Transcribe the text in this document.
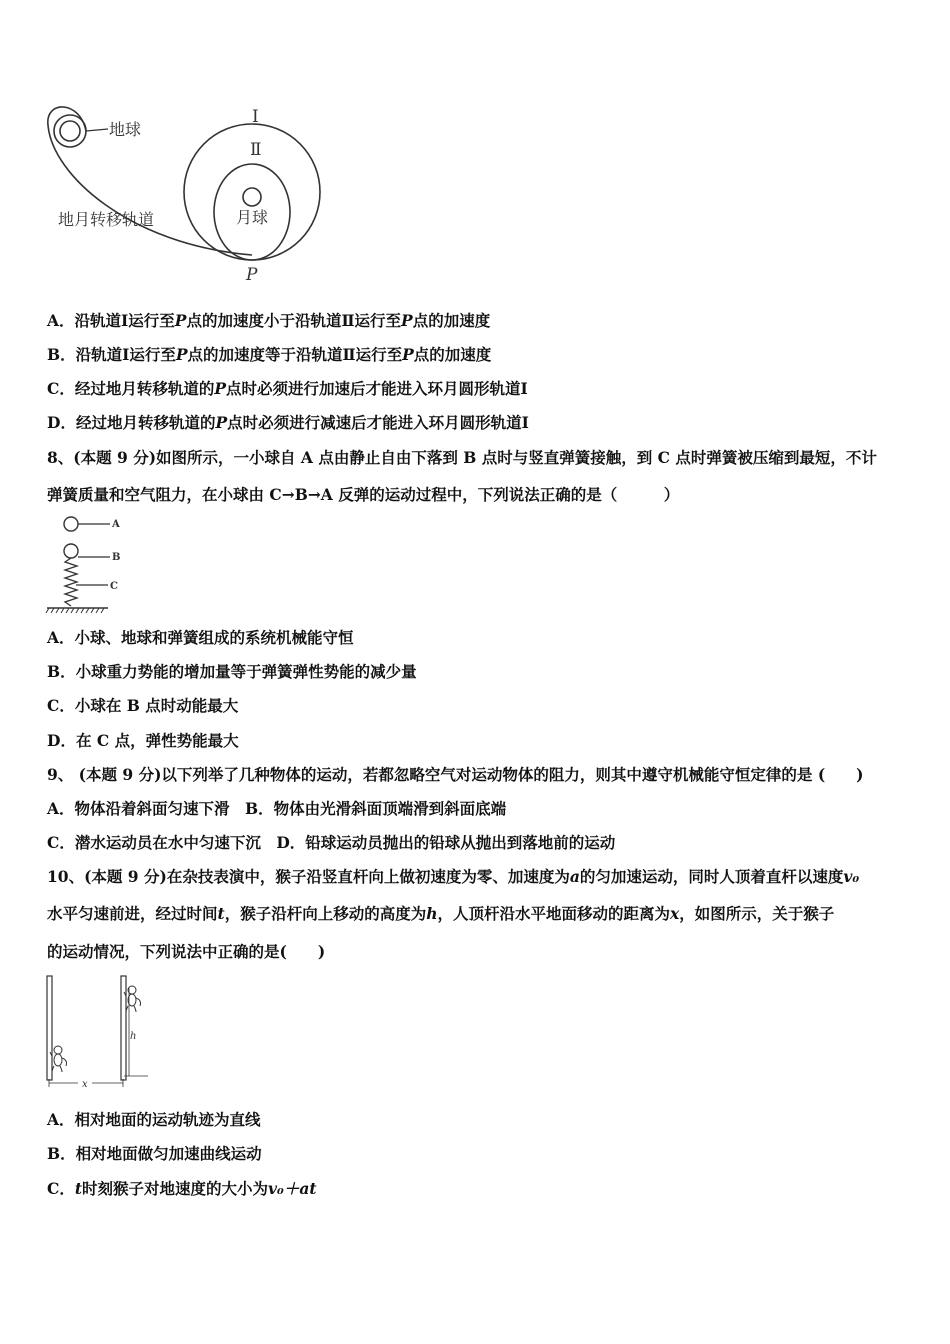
地球
地月转移轨道	月球
Ⅰ
Ⅱ
P
A．沿轨道Ⅰ运行至P点的加速度小于沿轨道Ⅱ运行至P点的加速度
B．沿轨道Ⅰ运行至P点的加速度等于沿轨道Ⅱ运行至P点的加速度
C．经过地月转移轨道的P点时必须进行加速后才能进入环月圆形轨道Ⅰ
D．经过地月转移轨道的P点时必须进行减速后才能进入环月圆形轨道Ⅰ
8、(本题 9 分)如图所示，一小球自 A 点由静止自由下落到 B 点时与竖直弹簧接触，到 C 点时弹簧被压缩到最短，不计
弹簧质量和空气阻力，在小球由 C→B→A 反弹的运动过程中，下列说法正确的是（　　　）
A
B
C
A．小球、地球和弹簧组成的系统机械能守恒
B．小球重力势能的增加量等于弹簧弹性势能的减少量
C．小球在 B 点时动能最大
D．在 C 点，弹性势能最大
9、 (本题 9 分)以下列举了几种物体的运动，若都忽略空气对运动物体的阻力，则其中遵守机械能守恒定律的是 (　　)
A．物体沿着斜面匀速下滑　B．物体由光滑斜面顶端滑到斜面底端
C．潜水运动员在水中匀速下沉　D．铅球运动员抛出的铅球从抛出到落地前的运动
10、(本题 9 分)在杂技表演中，猴子沿竖直杆向上做初速度为零、加速度为a的匀加速运动，同时人顶着直杆以速度v₀
水平匀速前进，经过时间t，猴子沿杆向上移动的高度为h，人顶杆沿水平地面移动的距离为x，如图所示，关于猴子
的运动情况，下列说法中正确的是(　　)
h
x
A．相对地面的运动轨迹为直线
B．相对地面做匀加速曲线运动
C．t时刻猴子对地速度的大小为v₀＋at
